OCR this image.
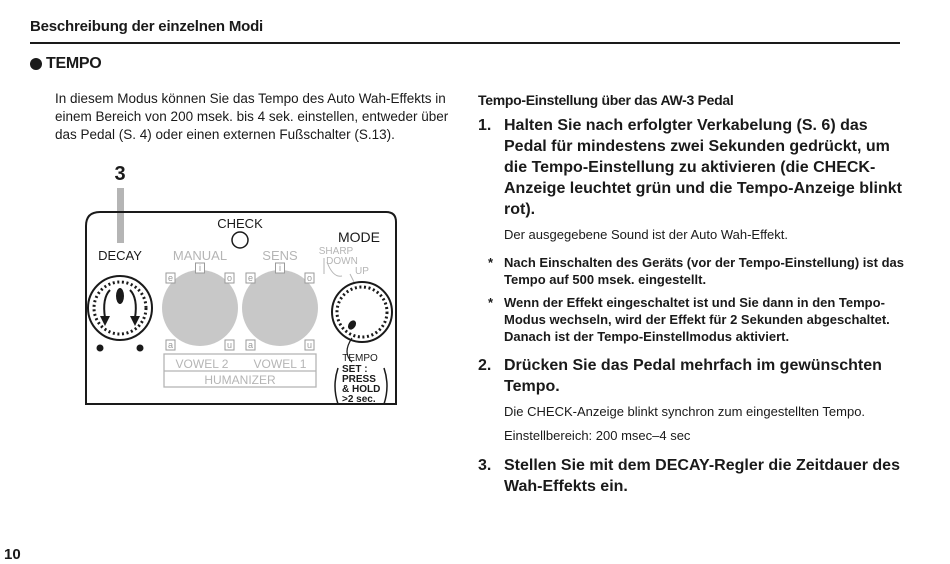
Beschreibung der einzelnen Modi
TEMPO

In diesem Modus können Sie das Tempo des Auto Wah-Effekts in einem Bereich von 200 msek. bis 4 sek. einstellen, entweder über das Pedal (S. 4) oder einen externen Fußschalter (S.13).

3
CHECK
DECAY MANUAL	SENS
e
i
o
a	u
e
i
o
a	u
MODE
SHARP
DOWN
UP
TEMPO
VOWEL 2 VOWEL 1
HUMANIZER
SET :
PRESS
& HOLD
>2 sec.
Tempo-Einstellung über das AW-3 Pedal
1. Halten Sie nach erfolgter Verkabelung (S. 6) das Pedal für mindestens zwei Sekunden gedrückt, um die Tempo-Einstellung zu aktivieren (die CHECK-Anzeige leuchtet grün und die Tempo-Anzeige blinkt rot).
Der ausgegebene Sound ist der Auto Wah-Effekt.
* Nach Einschalten des Geräts (vor der Tempo-Einstellung) ist das Tempo auf 500 msek. eingestellt.
* Wenn der Effekt eingeschaltet ist und Sie dann in den Tempo-Modus wechseln, wird der Effekt für 2 Sekunden abgeschaltet. Danach ist der Tempo-Einstellmodus aktiviert.
2. Drücken Sie das Pedal mehrfach im gewünschten Tempo.
Die CHECK-Anzeige blinkt synchron zum eingestellten Tempo.
Einstellbereich: 200 msec–4 sec
3. Stellen Sie mit dem DECAY-Regler die Zeitdauer des Wah-Effekts ein.
10
